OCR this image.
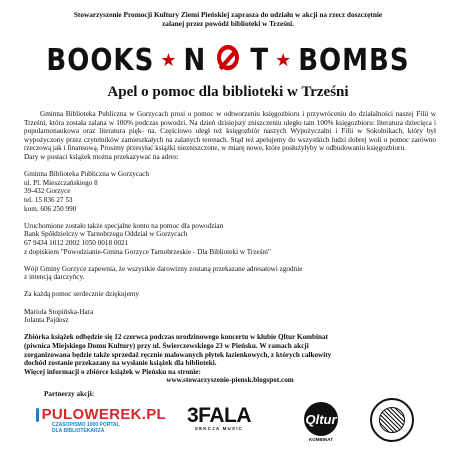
Stowarzyszenie Promocji Kultury Ziemi Pieńskiej zaprasza do udziału w akcji na rzecz doszczętnie
zalanej przez powódź biblioteki w Trześni.
BOOKS ★ N T ★ BOMBS
Apel o pomoc dla biblioteki w Trześni

Gminna Biblioteka Publiczna w Gorzycach prosi o pomoc w odtworzeniu księgozbioru i przywróceniu do działalności naszej Filii w Trześni, która została zalana w 100% podczas powodzi. Na dzień dzisiejszy zniszczeniu uległo tam 100% księgozbioru: literatura dziecięca i popularnonaukowa oraz literatura pięk- na. Częściowo uległ też księgozbiór naszych Wypożyczalni i Filii w Sokolnikach, który był wypożyczony przez czytelników zamieszkałych na zalanych terenach. Stąd też apelujemy do wszystkich ludzi dobrej woli o pomoc zarówno rzeczową jak i finansową. Prosimy przesyłać książki niezniszczone, w miarę nowe, które posłużyłyby w odbudowaniu księgozbioru.

Dary w postaci książek można przekazywać na adres:
Gminna Biblioteka Publiczna w Gorzycach
ul. Pl. Mieszczańskiego 8
39-432 Gorzyce
tel. 15 836 27 53
kom. 606 250 990
Uruchomione zostało także specjalne konto na pomoc dla powodzian
Bank Spółdzielczy w Tarnobrzegu Oddział w Gorzycach
67 9434 1012 2002 1050 0018 0021
z dopiskiem "Powodzianie-Gmina Gorzyce Tarnobrzeskie - Dla Biblioteki w Trześni"
Wójt Gminy Gorzyce zapewnia, że wszystkie darowizny zostaną przekazane adresatowi zgodnie
z intencją darczyńcy.
Za każdą pomoc serdecznie dziękujemy
Mariola Stopińska-Hara
Jolanta Pajdosz
Zbiórka książek odbędzie się 12 czerwca podczas urodzinowego koncertu w klubie Qltur Kombinat
(piwnica Miejskiego Domu Kultury) przy ul. Świerczewskiego 23 w Pieńsku. W ramach akcji
zorganizowana będzie także sprzedaż ręcznie malowanych płytek łazienkowych, z których całkowity
dochód zostanie przekazany na wysłanie książek dla biblioteki.
Więcej informacji o zbiórce książek w Pieńsku na stronie:
www.stowarzyszenie-piensk.blogspot.com
Partnerzy akcji:
PULOWEREK.PL
CZASOPISMO 1000 PORTAL
DLA BIBLIOTEKARZA
3FALA
SEKCJA MUSIC
Qltur
KOMBINAT
